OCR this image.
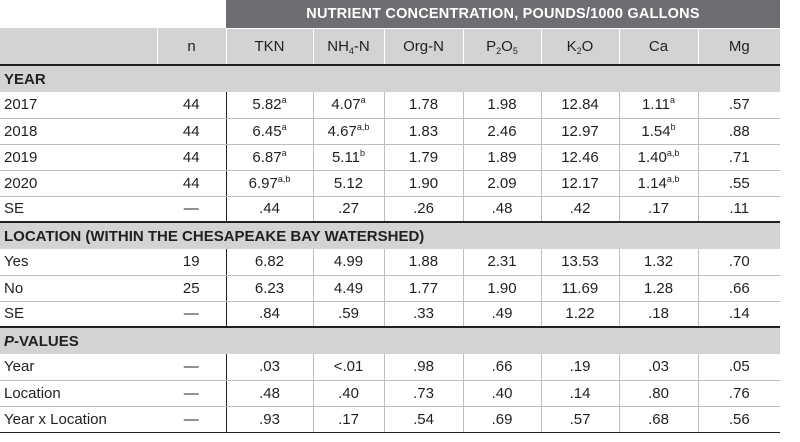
		NUTRIENT CONCENTRATION, POUNDS/1000 GALLONS						
	n	TKN	$NH_4-N$	Org-N	$P_2O_5$	$K_2O$	Ca	Mg
YEAR								
2017	44	5.82$^a$	4.07$^a$	1.78	1.98	12.84	1.11$^a$	.57
2018	44	6.45$^a$	4.67$^{a,b}$	1.83	2.46	12.97	1.54$^b$	.88
2019	44	6.87$^a$	5.11$^b$	1.79	1.89	12.46	1.40$^{a,b}$	.71
2020	44	6.97$^{a,b}$	5.12	1.90	2.09	12.17	1.14$^{a,b}$	.55
SE	—	.44	.27	.26	.48	.42	.17	.11
LOCATION (WITHIN THE CHESAPEAKE BAY WATERSHED)								
Yes	19	6.82	4.99	1.88	2.31	13.53	1.32	.70
No	25	6.23	4.49	1.77	1.90	11.69	1.28	.66
SE	—	.84	.59	.33	.49	1.22	.18	.14
P-VALUES								
Year	—	.03	<.01	.98	.66	.19	.03	.05
Location	—	.48	.40	.73	.40	.14	.80	.76
Year x Location	—	.93	.17	.54	.69	.57	.68	.56
